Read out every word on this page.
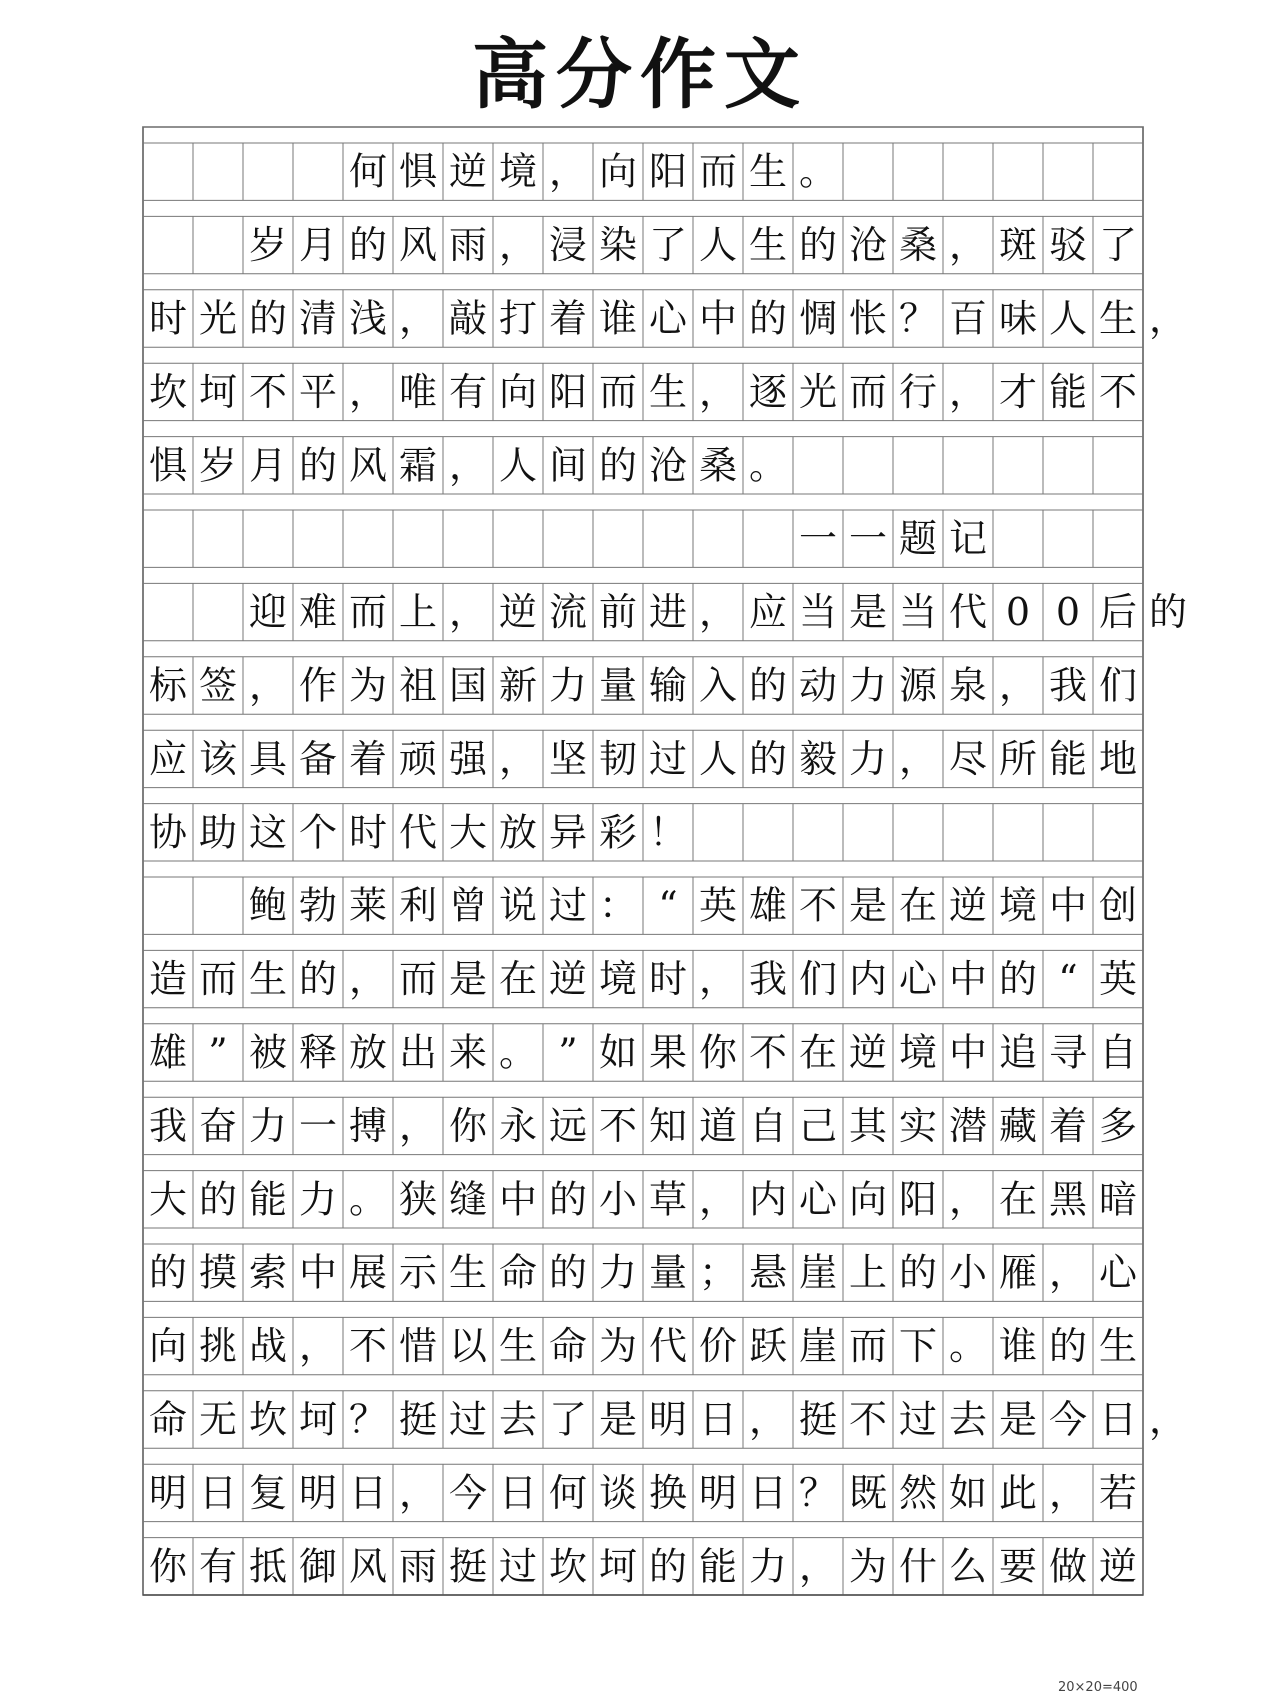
高分作文
何 惧 逆 境 ， 向 阳 而 生 。
岁 月 的 风 雨 ， 浸 染 了 人 生 的 沧 桑 ， 斑 驳 了
时 光 的 清 浅 ， 敲 打 着 谁 心 中 的 惆 怅 ？ 百 味 人 生 ，
坎 坷 不 平 ， 唯 有 向 阳 而 生 ， 逐 光 而 行 ， 才 能 不
惧 岁 月 的 风 霜 ， 人 间 的 沧 桑 。
一 一 题 记
迎 难 而 上 ， 逆 流 前 进 ， 应 当 是 当 代 0 0 后 的
标 签 ， 作 为 祖 国 新 力 量 输 入 的 动 力 源 泉 ， 我 们
应 该 具 备 着 顽 强 ， 坚 韧 过 人 的 毅 力 ， 尽 所 能 地
协 助 这 个 时 代 大 放 异 彩 ！
鲍 勃 莱 利 曾 说 过 ： “ 英 雄 不 是 在 逆 境 中 创
造 而 生 的 ， 而 是 在 逆 境 时 ， 我 们 内 心 中 的 “ 英
雄 ” 被 释 放 出 来 。 ” 如 果 你 不 在 逆 境 中 追 寻 自
我 奋 力 一 搏 ， 你 永 远 不 知 道 自 己 其 实 潜 藏 着 多
大 的 能 力 。 狭 缝 中 的 小 草 ， 内 心 向 阳 ， 在 黑 暗
的 摸 索 中 展 示 生 命 的 力 量 ； 悬 崖 上 的 小 雁 ， 心
向 挑 战 ， 不 惜 以 生 命 为 代 价 跃 崖 而 下 。 谁 的 生
命 无 坎 坷 ？ 挺 过 去 了 是 明 日 ， 挺 不 过 去 是 今 日 ，
明 日 复 明 日 ， 今 日 何 谈 换 明 日 ？ 既 然 如 此 ， 若
你 有 抵 御 风 雨 挺 过 坎 坷 的 能 力 ， 为 什 么 要 做 逆
20×20=400
